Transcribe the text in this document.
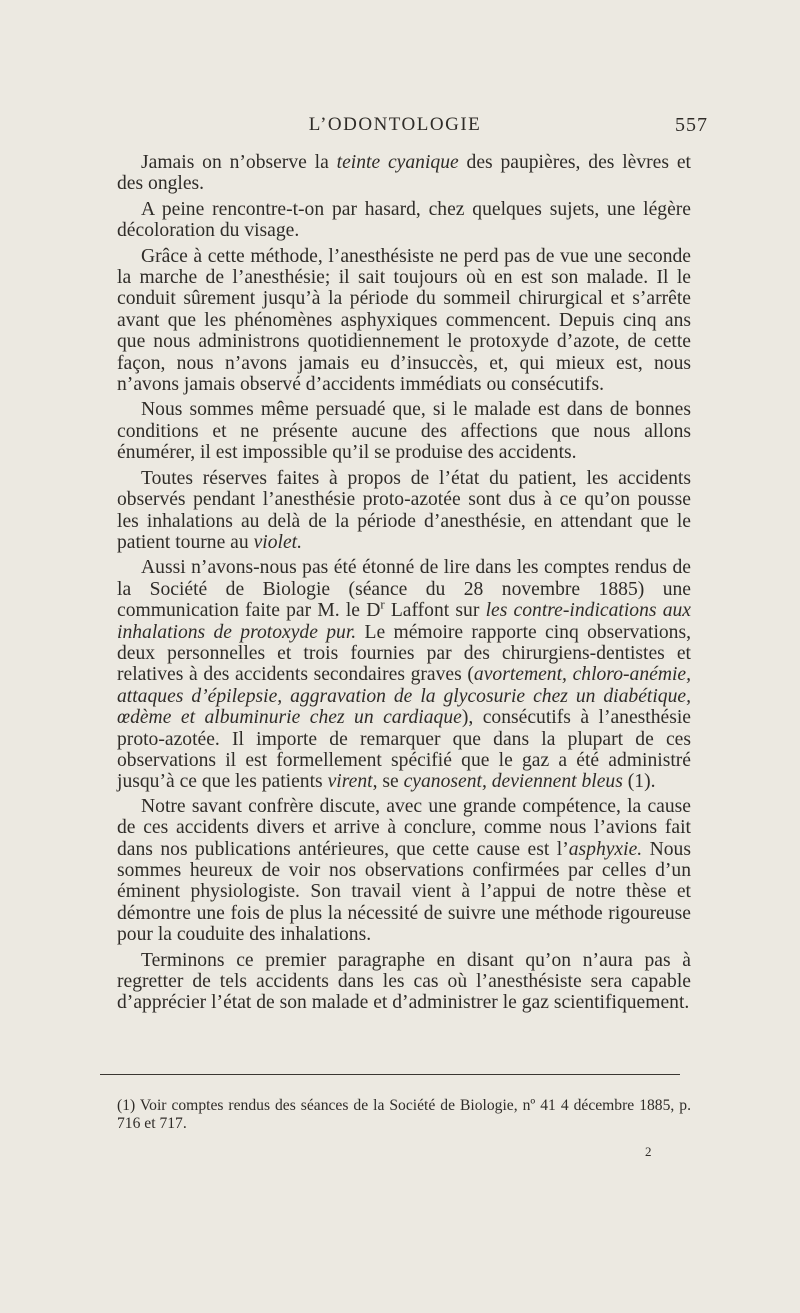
L’ODONTOLOGIE	557

Jamais on n’observe la teinte cyanique des paupières, des lèvres et des ongles.

A peine rencontre-t-on par hasard, chez quelques sujets, une légère décoloration du visage.

Grâce à cette méthode, l’anesthésiste ne perd pas de vue une seconde la marche de l’anesthésie; il sait toujours où en est son malade. Il le conduit sûrement jusqu’à la période du sommeil chirurgical et s’arrête avant que les phénomènes asphyxiques commencent. Depuis cinq ans que nous administrons quotidiennement le protoxyde d’azote, de cette façon, nous n’avons jamais eu d’insuccès, et, qui mieux est, nous n’avons jamais observé d’accidents immédiats ou consécutifs.

Nous sommes même persuadé que, si le malade est dans de bonnes conditions et ne présente aucune des affections que nous allons énumérer, il est impossible qu’il se produise des accidents.

Toutes réserves faites à propos de l’état du patient, les accidents observés pendant l’anesthésie proto-azotée sont dus à ce qu’on pousse les inhalations au delà de la période d’anesthésie, en attendant que le patient tourne au violet.

Aussi n’avons-nous pas été étonné de lire dans les comptes rendus de la Société de Biologie (séance du 28 novembre 1885) une communication faite par M. le $D^r$ Laffont sur les contre-indications aux inhalations de protoxyde pur. Le mémoire rapporte cinq observations, deux personnelles et trois fournies par des chirurgiens-dentistes et relatives à des accidents secondaires graves (avortement, chloro-anémie, attaques d’épilepsie, aggravation de la glycosurie chez un diabétique, œdème et albuminurie chez un cardiaque), consécutifs à l’anesthésie proto-azotée. Il importe de remarquer que dans la plupart de ces observations il est formellement spécifié que le gaz a été administré jusqu’à ce que les patients virent, se cyanosent, deviennent bleus (1).

Notre savant confrère discute, avec une grande compétence, la cause de ces accidents divers et arrive à conclure, comme nous l’avions fait dans nos publications antérieures, que cette cause est l’asphyxie. Nous sommes heureux de voir nos observations confirmées par celles d’un éminent physiologiste. Son travail vient à l’appui de notre thèse et démontre une fois de plus la nécessité de suivre une méthode rigoureuse pour la couduite des inhalations.

Terminons ce premier paragraphe en disant qu’on n’aura pas à regretter de tels accidents dans les cas où l’anesthésiste sera capable d’apprécier l’état de son malade et d’administrer le gaz scientifiquement.

(1) Voir comptes rendus des séances de la Société de Biologie, nº 41 4 décembre 1885, p. 716 et 717.

2
